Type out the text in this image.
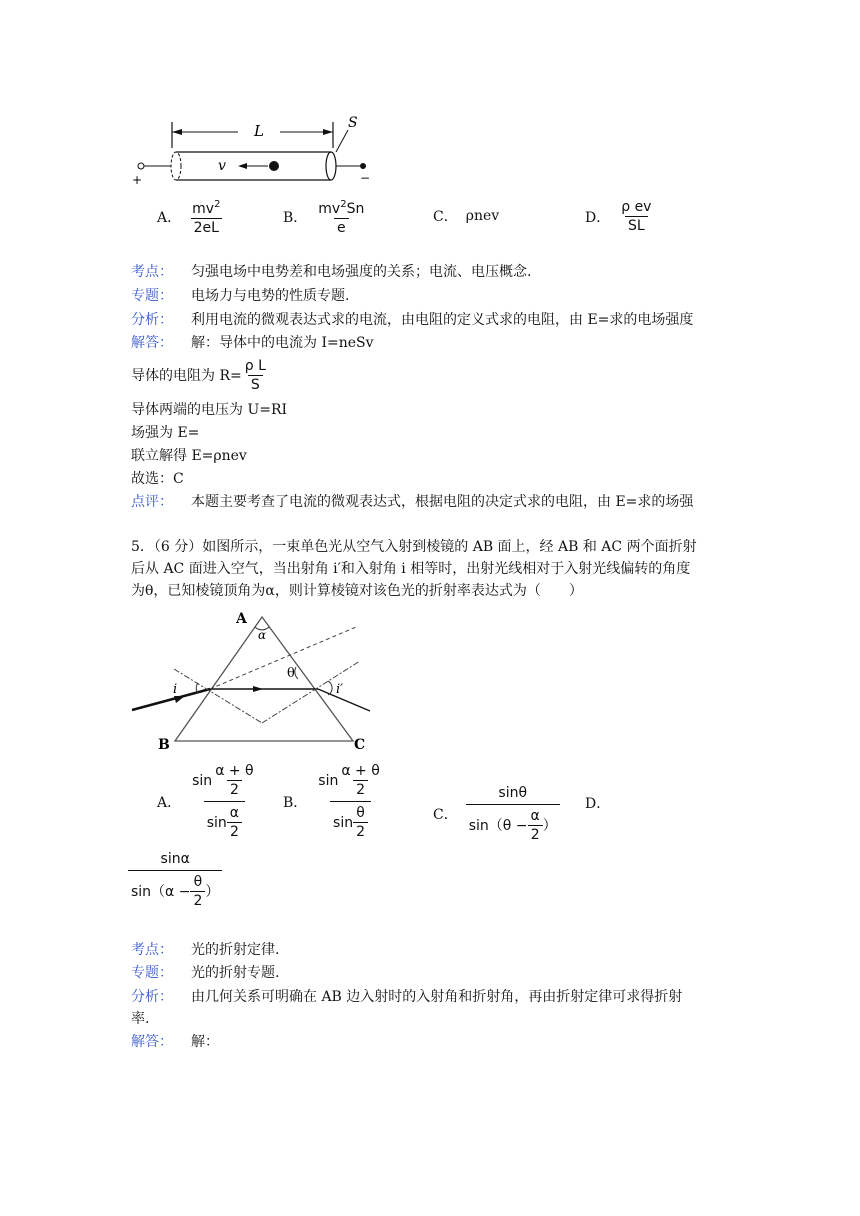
L	S
+	−
v
A． $\frac{mv^2}{2eL}$	B． $\frac{mv^2Sn}{e}$	C． ρnev	D． $\frac{\text{ρ ev}}{SL}$
考点： 匀强电场中电势差和电场强度的关系；电流、电压概念.
专题： 电场力与电势的性质专题.
分析： 利用电流的微观表达式求的电流，由电阻的定义式求的电阻，由 E=求的电场强度
解答： 解：导体中的电流为 I=neSv
导体的电阻为 $R= \frac{\text{ρ L}}{S}$
导体两端的电压为 U=RI
场强为 E=
联立解得 E=ρnev
故选：C
点评： 本题主要考查了电流的微观表达式，根据电阻的决定式求的电阻，由 E=求的场强
5．（6 分）如图所示，一束单色光从空气入射到棱镜的 AB 面上，经 AB 和 AC 两个面折射
后从 AC 面进入空气，当出射角 i′和入射角 i 相等时，出射光线相对于入射光线偏转的角度
为θ，已知棱镜顶角为α，则计算棱镜对该色光的折射率表达式为（　　）
A
B	C
α
i	i′
θ
A． $\frac{\sin \frac{\alpha + \theta}{2}}{\sin \frac{\alpha}{2}}$ B． $\frac{\sin \frac{\alpha + \theta}{2}}{\sin \frac{\theta}{2}}$	C． $\frac{\sin\theta}{\sin(\theta - \frac{\alpha}{2} )}$ D．
$\frac{\sin\alpha}{\sin(\alpha - \frac{\theta}{2} )}$
考点： 光的折射定律.
专题： 光的折射专题.
分析： 由几何关系可明确在 AB 边入射时的入射角和折射角，再由折射定律可求得折射
率.
解答： 解：
